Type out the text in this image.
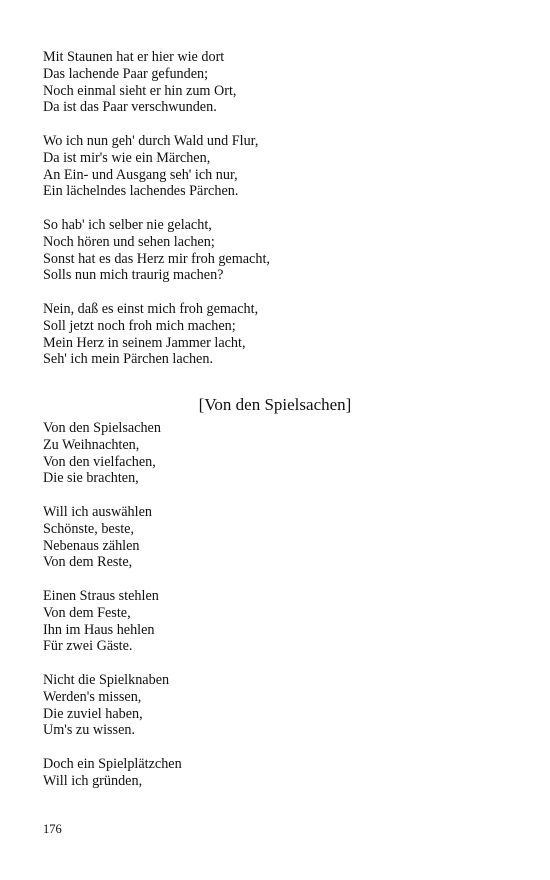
Mit Staunen hat er hier wie dort
Das lachende Paar gefunden;
Noch einmal sieht er hin zum Ort,
Da ist das Paar verschwunden.
Wo ich nun geh' durch Wald und Flur,
Da ist mir's wie ein Märchen,
An Ein- und Ausgang seh' ich nur,
Ein lächelndes lachendes Pärchen.
So hab' ich selber nie gelacht,
Noch hören und sehen lachen;
Sonst hat es das Herz mir froh gemacht,
Solls nun mich traurig machen?
Nein, daß es einst mich froh gemacht,
Soll jetzt noch froh mich machen;
Mein Herz in seinem Jammer lacht,
Seh' ich mein Pärchen lachen.
[Von den Spielsachen]
Von den Spielsachen
Zu Weihnachten,
Von den vielfachen,
Die sie brachten,
Will ich auswählen
Schönste, beste,
Nebenaus zählen
Von dem Reste,
Einen Straus stehlen
Von dem Feste,
Ihn im Haus hehlen
Für zwei Gäste.
Nicht die Spielknaben
Werden's missen,
Die zuviel haben,
Um's zu wissen.
Doch ein Spielplätzchen
Will ich gründen,
176
